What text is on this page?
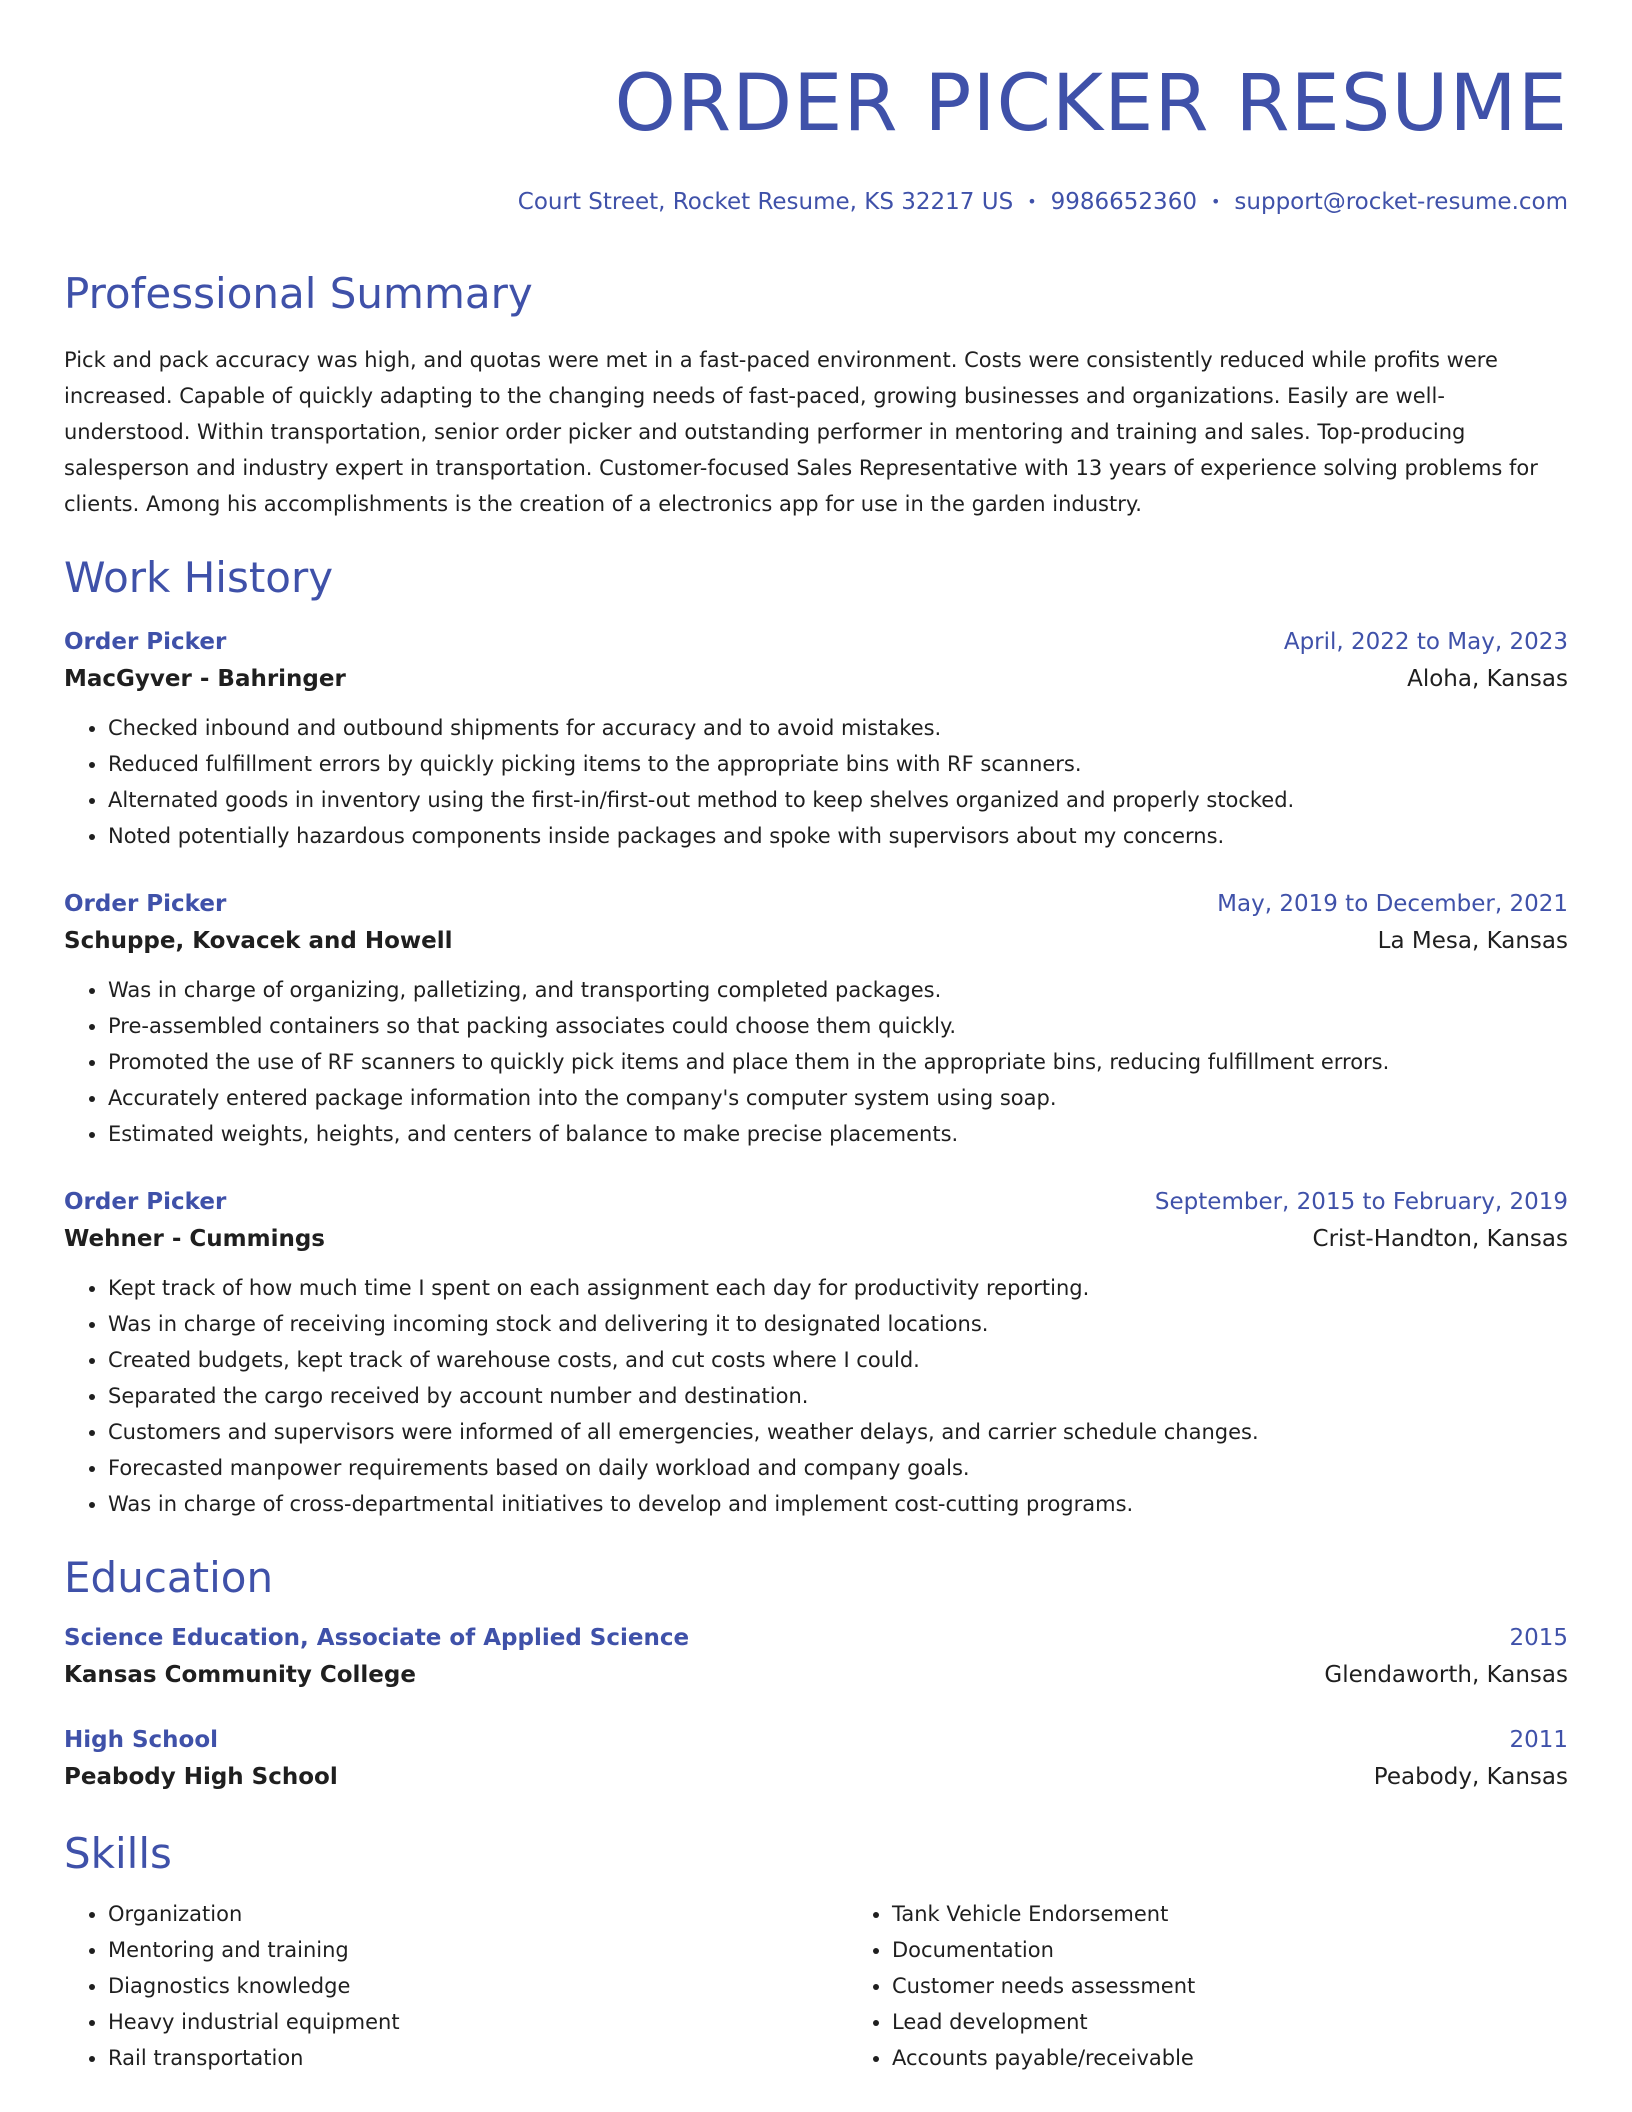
ORDER PICKER RESUME
Court Street, Rocket Resume, KS 32217 US • 9986652360 • support@rocket-resume.com
Professional Summary

Pick and pack accuracy was high, and quotas were met in a fast-paced environment. Costs were consistently reduced while profits were increased. Capable of quickly adapting to the changing needs of fast-paced, growing businesses and organizations. Easily are well-understood. Within transportation, senior order picker and outstanding performer in mentoring and training and sales. Top-producing salesperson and industry expert in transportation. Customer-focused Sales Representative with 13 years of experience solving problems for clients. Among his accomplishments is the creation of a electronics app for use in the garden industry.

Work History
Order Picker	April, 2022 to May, 2023
MacGyver - Bahringer	Aloha, Kansas
• Checked inbound and outbound shipments for accuracy and to avoid mistakes.
• Reduced fulfillment errors by quickly picking items to the appropriate bins with RF scanners.
• Alternated goods in inventory using the first-in/first-out method to keep shelves organized and properly stocked.
• Noted potentially hazardous components inside packages and spoke with supervisors about my concerns.
Order Picker	May, 2019 to December, 2021
Schuppe, Kovacek and Howell	La Mesa, Kansas
• Was in charge of organizing, palletizing, and transporting completed packages.
• Pre-assembled containers so that packing associates could choose them quickly.
• Promoted the use of RF scanners to quickly pick items and place them in the appropriate bins, reducing fulfillment errors.
• Accurately entered package information into the company's computer system using soap.
• Estimated weights, heights, and centers of balance to make precise placements.
Order Picker	September, 2015 to February, 2019
Wehner - Cummings	Crist-Handton, Kansas
• Kept track of how much time I spent on each assignment each day for productivity reporting.
• Was in charge of receiving incoming stock and delivering it to designated locations.
• Created budgets, kept track of warehouse costs, and cut costs where I could.
• Separated the cargo received by account number and destination.
• Customers and supervisors were informed of all emergencies, weather delays, and carrier schedule changes.
• Forecasted manpower requirements based on daily workload and company goals.
• Was in charge of cross-departmental initiatives to develop and implement cost-cutting programs.
Education
Science Education, Associate of Applied Science	2015
Kansas Community College	Glendaworth, Kansas
High School	2011
Peabody High School	Peabody, Kansas
Skills
• Organization
• Mentoring and training
• Diagnostics knowledge
• Heavy industrial equipment
• Rail transportation
• Tank Vehicle Endorsement
• Documentation
• Customer needs assessment
• Lead development
• Accounts payable/receivable
